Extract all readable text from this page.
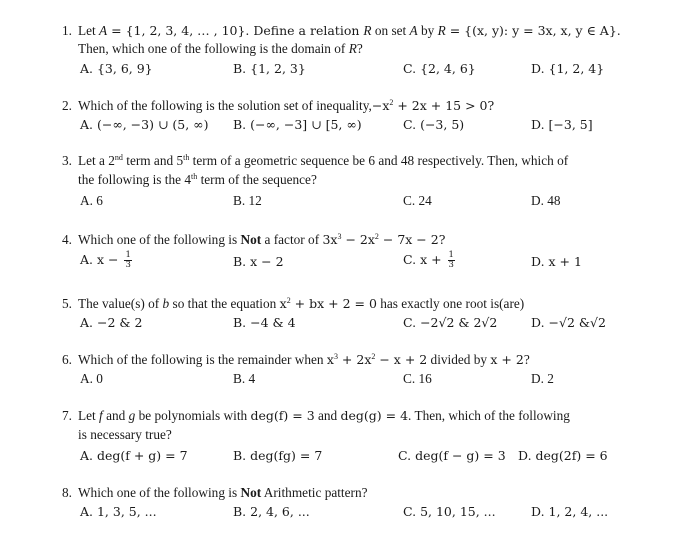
1. Let A = {1, 2, 3, 4, … , 10}. Define a relation R on set A by R = {(x, y): y = 3x, x, y ∈ A}.
Then, which one of the following is the domain of R?
A. {3, 6, 9}	B. {1, 2, 3}	C. {2, 4, 6}	D. {1, 2, 4}
2. Which of the following is the solution set of $inequality,-x^2 + 2x + 15 > 0$?
A. (−∞, −3) ∪ (5, ∞) B. (−∞, −3] ∪ [5, ∞)	C. (−3, 5)	D. [−3, 5]
3. Let a 2nd term and 5th term of a geometric sequence be 6 and 48 respectively. Then, which of
the following is the 4th term of the sequence?
A. 6	B. 12	C. 24	D. 48
4. Which one of the following is Not a factor of $3x^3 - 2x^2 - 7x - 2$?
A. $x - \frac{1}{3}$	B. x − 2	C. $x + \frac{1}{3}$	D. x + 1
5. The value(s) of b so that the equation $x^2$ + bx + 2 = 0 has exactly one root is(are)
A. −2 & 2	B. −4 & 4	C. −2√2 & 2√2	D. −√2 &√2
6. Which of the following is the remainder when $x^3 + 2x^2 - x + 2$ divided by x + 2?
A. 0	B. 4	C. 16	D. 2
7. Let f and g be polynomials with deg(f) = 3 and deg(g) = 4. Then, which of the following
is necessary true?
A. deg(f + g) = 7	B. deg(fg) = 7	C. deg(f − g) = 3 D. deg(2f) = 6
8. Which one of the following is Not Arithmetic pattern?
A. 1, 3, 5, ...	B. 2, 4, 6, ...	C. 5, 10, 15, ...	D. 1, 2, 4, ...
